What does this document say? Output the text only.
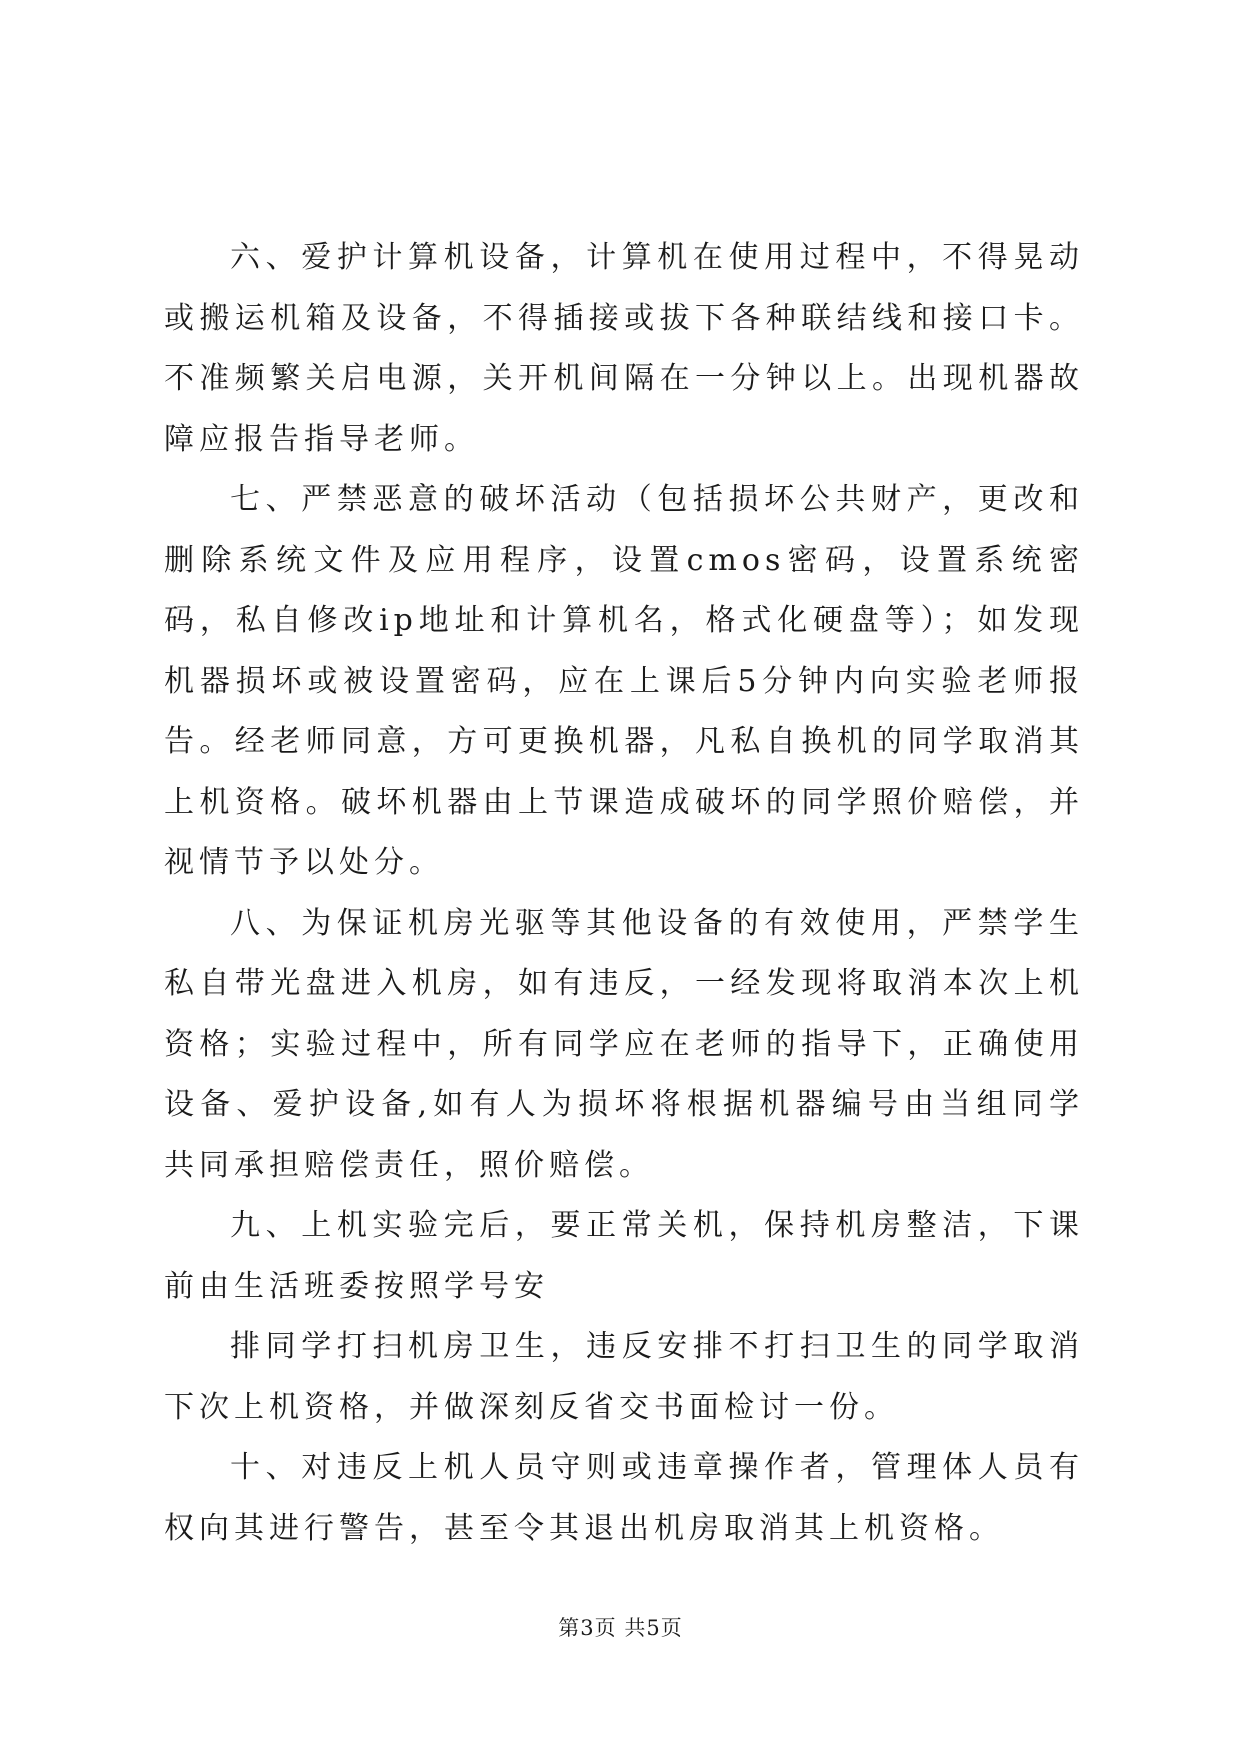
六、爱护计算机设备，计算机在使用过程中，不得晃动或搬运机箱及设备，不得插接或拔下各种联结线和接口卡。不准频繁关启电源，关开机间隔在一分钟以上。出现机器故障应报告指导老师。

七、严禁恶意的破坏活动（包括损坏公共财产，更改和删除系统文件及应用程序，设置cmos密码，设置系统密码，私自修改ip地址和计算机名，格式化硬盘等）；如发现机器损坏或被设置密码，应在上课后5分钟内向实验老师报告。经老师同意，方可更换机器，凡私自换机的同学取消其上机资格。破坏机器由上节课造成破坏的同学照价赔偿，并视情节予以处分。

八、为保证机房光驱等其他设备的有效使用，严禁学生私自带光盘进入机房，如有违反，一经发现将取消本次上机资格；实验过程中，所有同学应在老师的指导下，正确使用设备、爱护设备,如有人为损坏将根据机器编号由当组同学共同承担赔偿责任，照价赔偿。

九、上机实验完后，要正常关机，保持机房整洁，下课前由生活班委按照学号安

排同学打扫机房卫生，违反安排不打扫卫生的同学取消下次上机资格，并做深刻反省交书面检讨一份。

十、对违反上机人员守则或违章操作者，管理体人员有权向其进行警告，甚至令其退出机房取消其上机资格。

第3页 共5页
